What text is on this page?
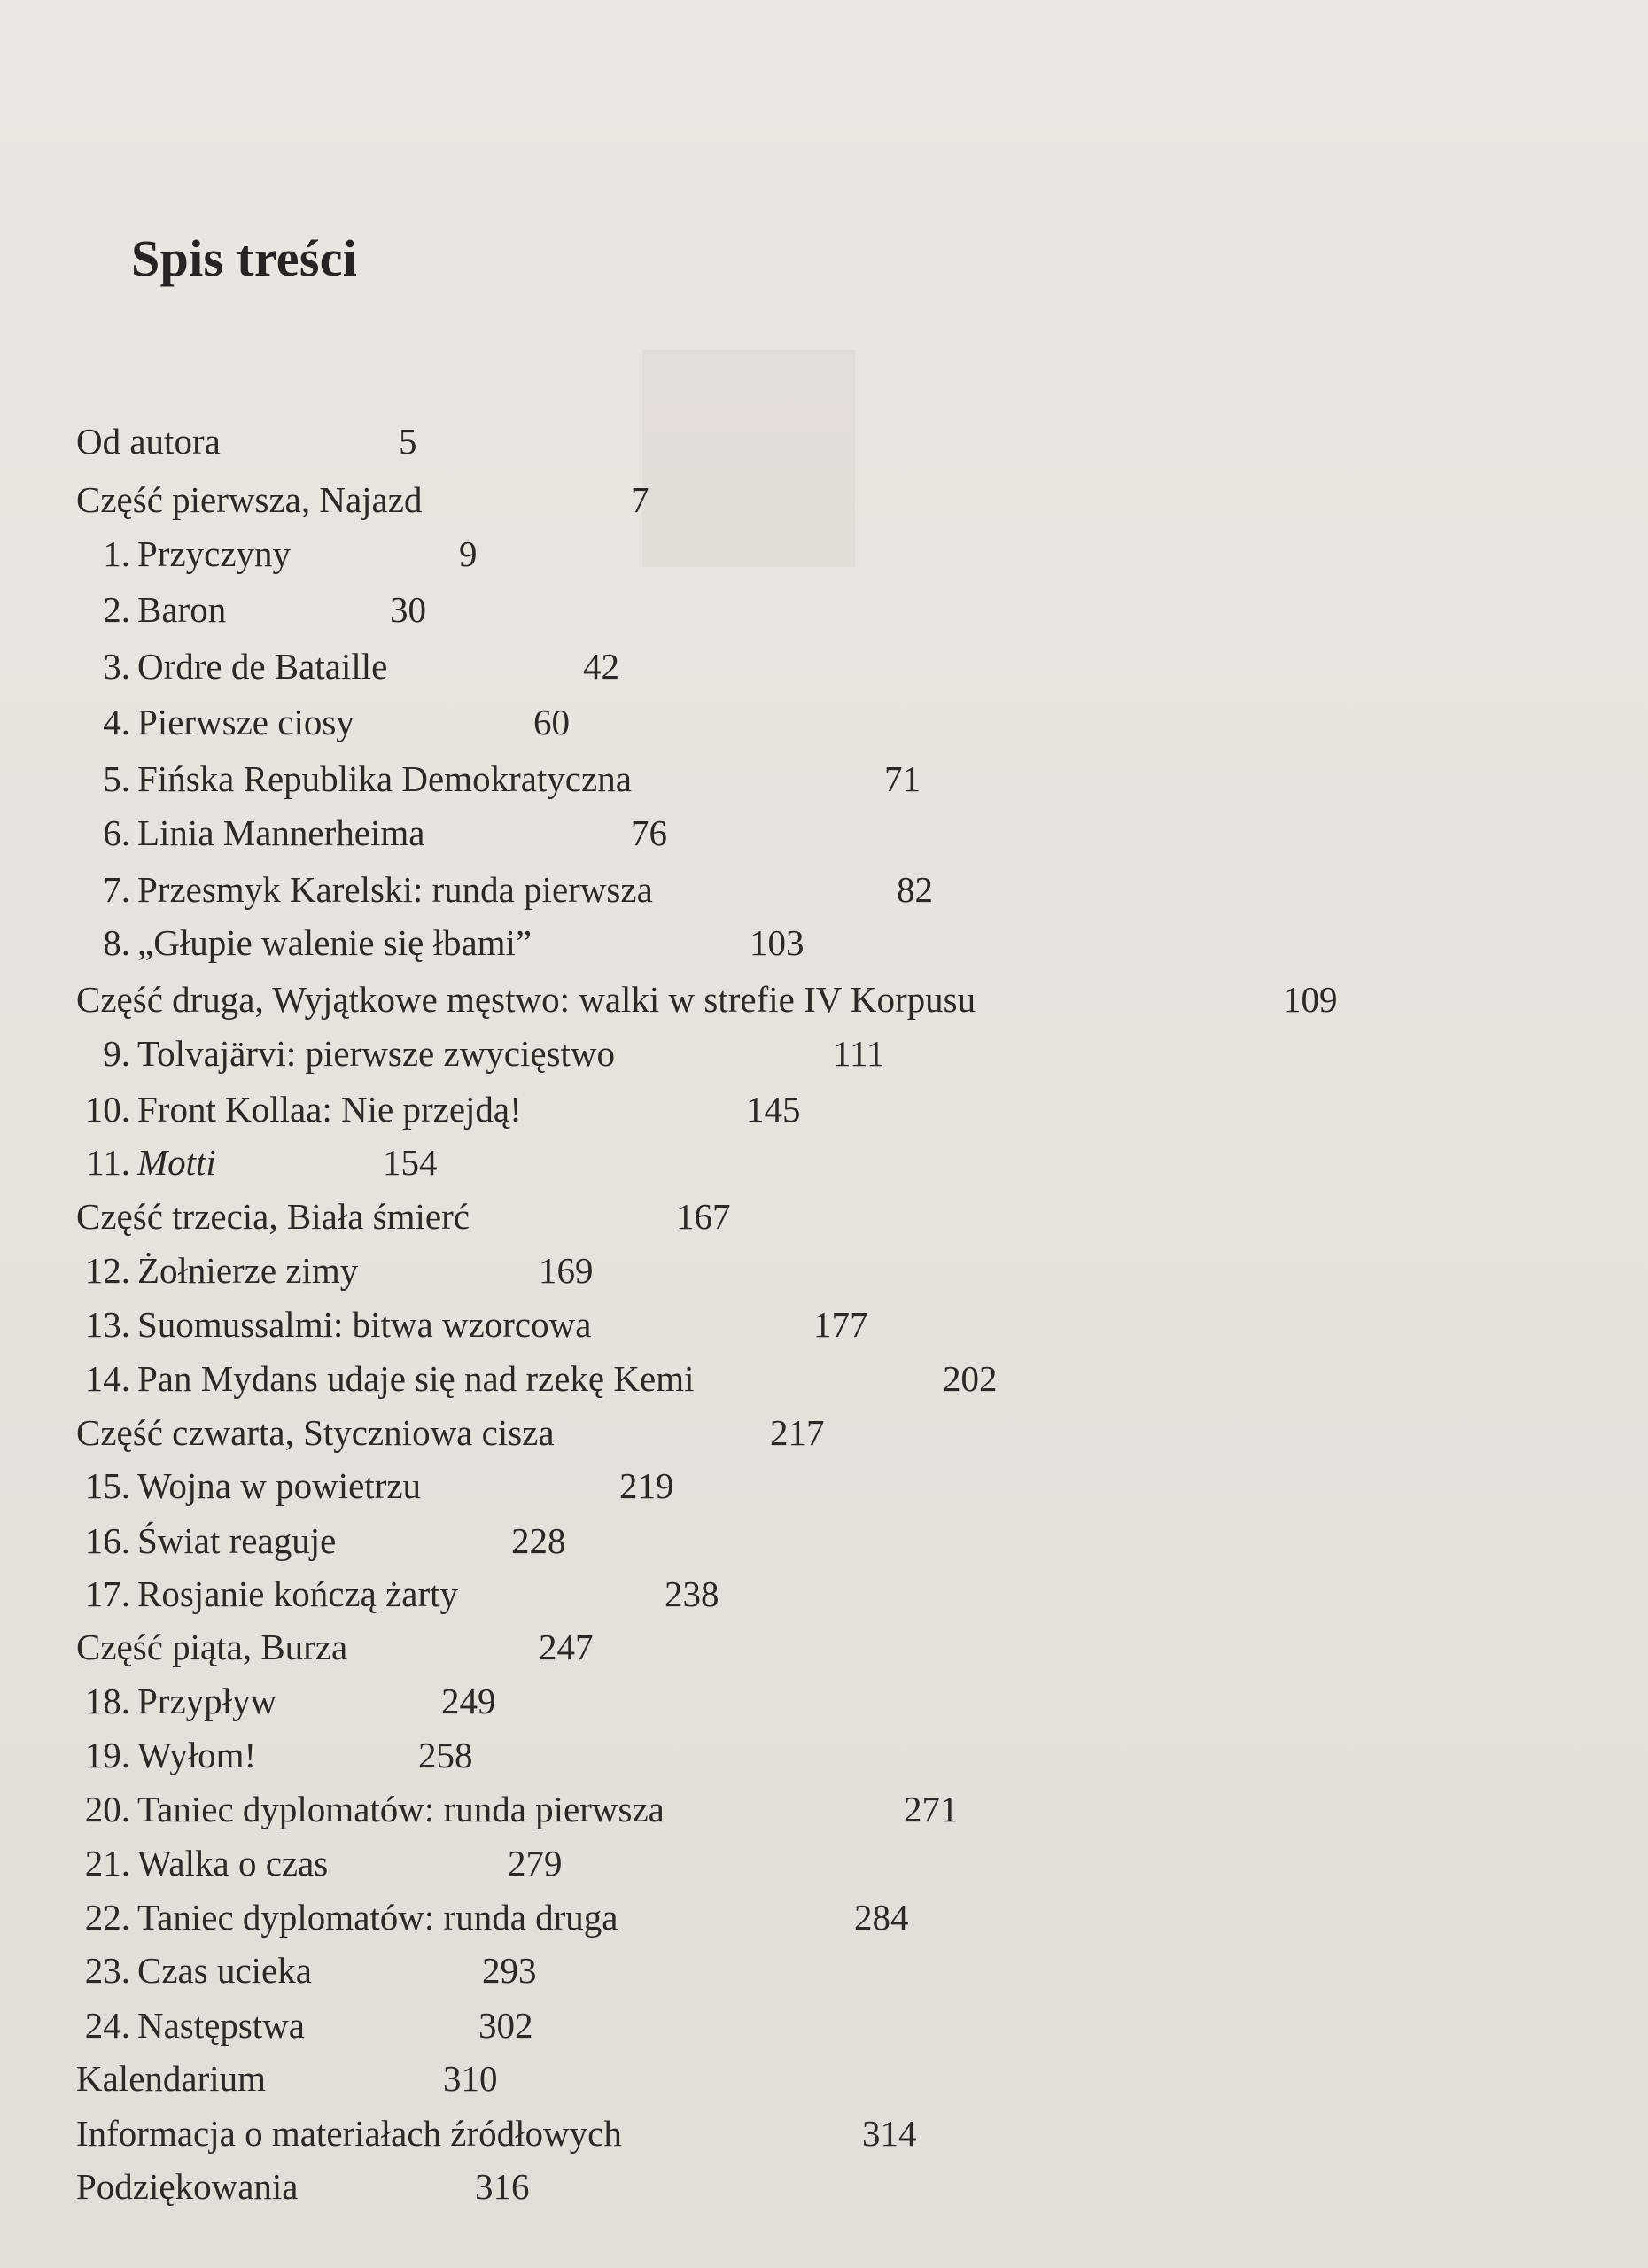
Spis treści
Od autora	5
Część pierwsza, Najazd	7
1. Przyczyny	9
2. Baron	30
3. Ordre de Bataille	42
4. Pierwsze ciosy	60
5. Fińska Republika Demokratyczna	71
6. Linia Mannerheima	76
7. Przesmyk Karelski: runda pierwsza	82
8. „Głupie walenie się łbami”	103
Część druga, Wyjątkowe męstwo: walki w strefie IV Korpusu	109
9. Tolvajärvi: pierwsze zwycięstwo	111
10. Front Kollaa: Nie przejdą!	145
11. Motti	154
Część trzecia, Biała śmierć	167
12. Żołnierze zimy	169
13. Suomussalmi: bitwa wzorcowa	177
14. Pan Mydans udaje się nad rzekę Kemi	202
Część czwarta, Styczniowa cisza	217
15. Wojna w powietrzu	219
16. Świat reaguje	228
17. Rosjanie kończą żarty	238
Część piąta, Burza	247
18. Przypływ	249
19. Wyłom!	258
20. Taniec dyplomatów: runda pierwsza	271
21. Walka o czas	279
22. Taniec dyplomatów: runda druga	284
23. Czas ucieka	293
24. Następstwa	302
Kalendarium	310
Informacja o materiałach źródłowych	314
Podziękowania	316
